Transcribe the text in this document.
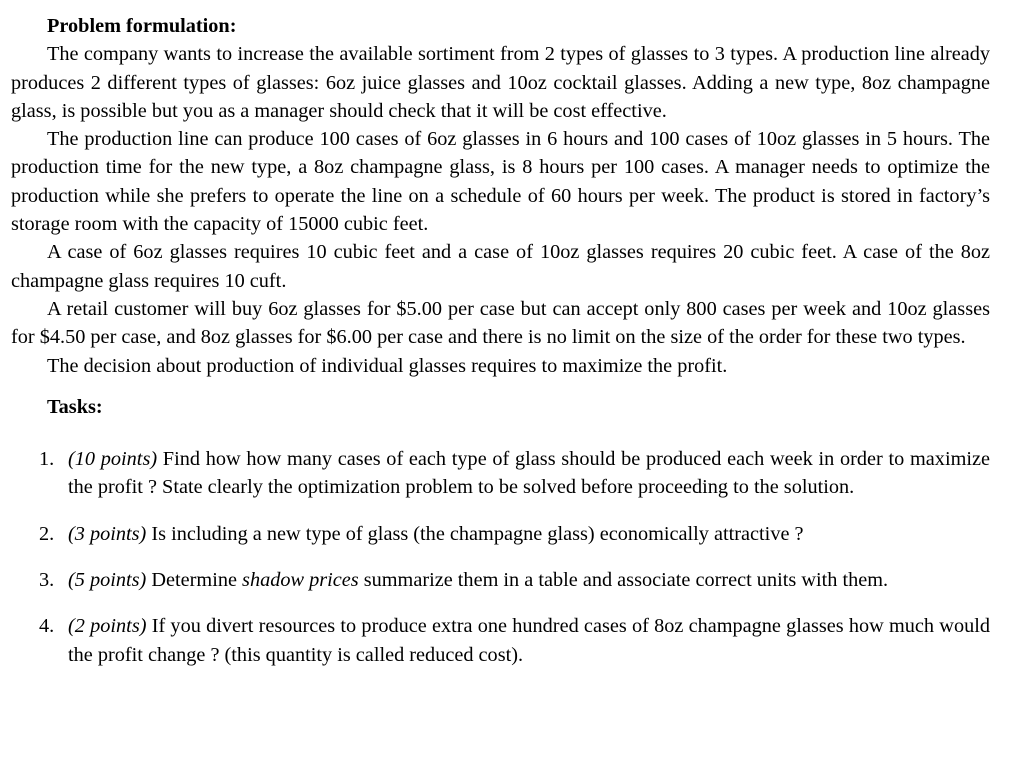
Problem formulation:

The company wants to increase the available sortiment from 2 types of glasses to 3 types. A production line already produces 2 different types of glasses: 6oz juice glasses and 10oz cocktail glasses. Adding a new type, 8oz champagne glass, is possible but you as a manager should check that it will be cost effective.

The production line can produce 100 cases of 6oz glasses in 6 hours and 100 cases of 10oz glasses in 5 hours. The production time for the new type, a 8oz champagne glass, is 8 hours per 100 cases. A manager needs to optimize the production while she prefers to operate the line on a schedule of 60 hours per week. The product is stored in factory’s storage room with the capacity of 15000 cubic feet.

A case of 6oz glasses requires 10 cubic feet and a case of 10oz glasses requires 20 cubic feet. A case of the 8oz champagne glass requires 10 cuft.

A retail customer will buy 6oz glasses for $5.00 per case but can accept only 800 cases per week and 10oz glasses for $4.50 per case, and 8oz glasses for $6.00 per case and there is no limit on the size of the order for these two types.

The decision about production of individual glasses requires to maximize the profit.

Tasks:
1. (10 points) Find how how many cases of each type of glass should be produced each week in order to maximize the profit ? State clearly the optimization problem to be solved before proceeding to the solution.
2. (3 points) Is including a new type of glass (the champagne glass) economically attractive ?
3. (5 points) Determine shadow prices summarize them in a table and associate correct units with them.
4. (2 points) If you divert resources to produce extra one hundred cases of 8oz champagne glasses how much would the profit change ? (this quantity is called reduced cost).
